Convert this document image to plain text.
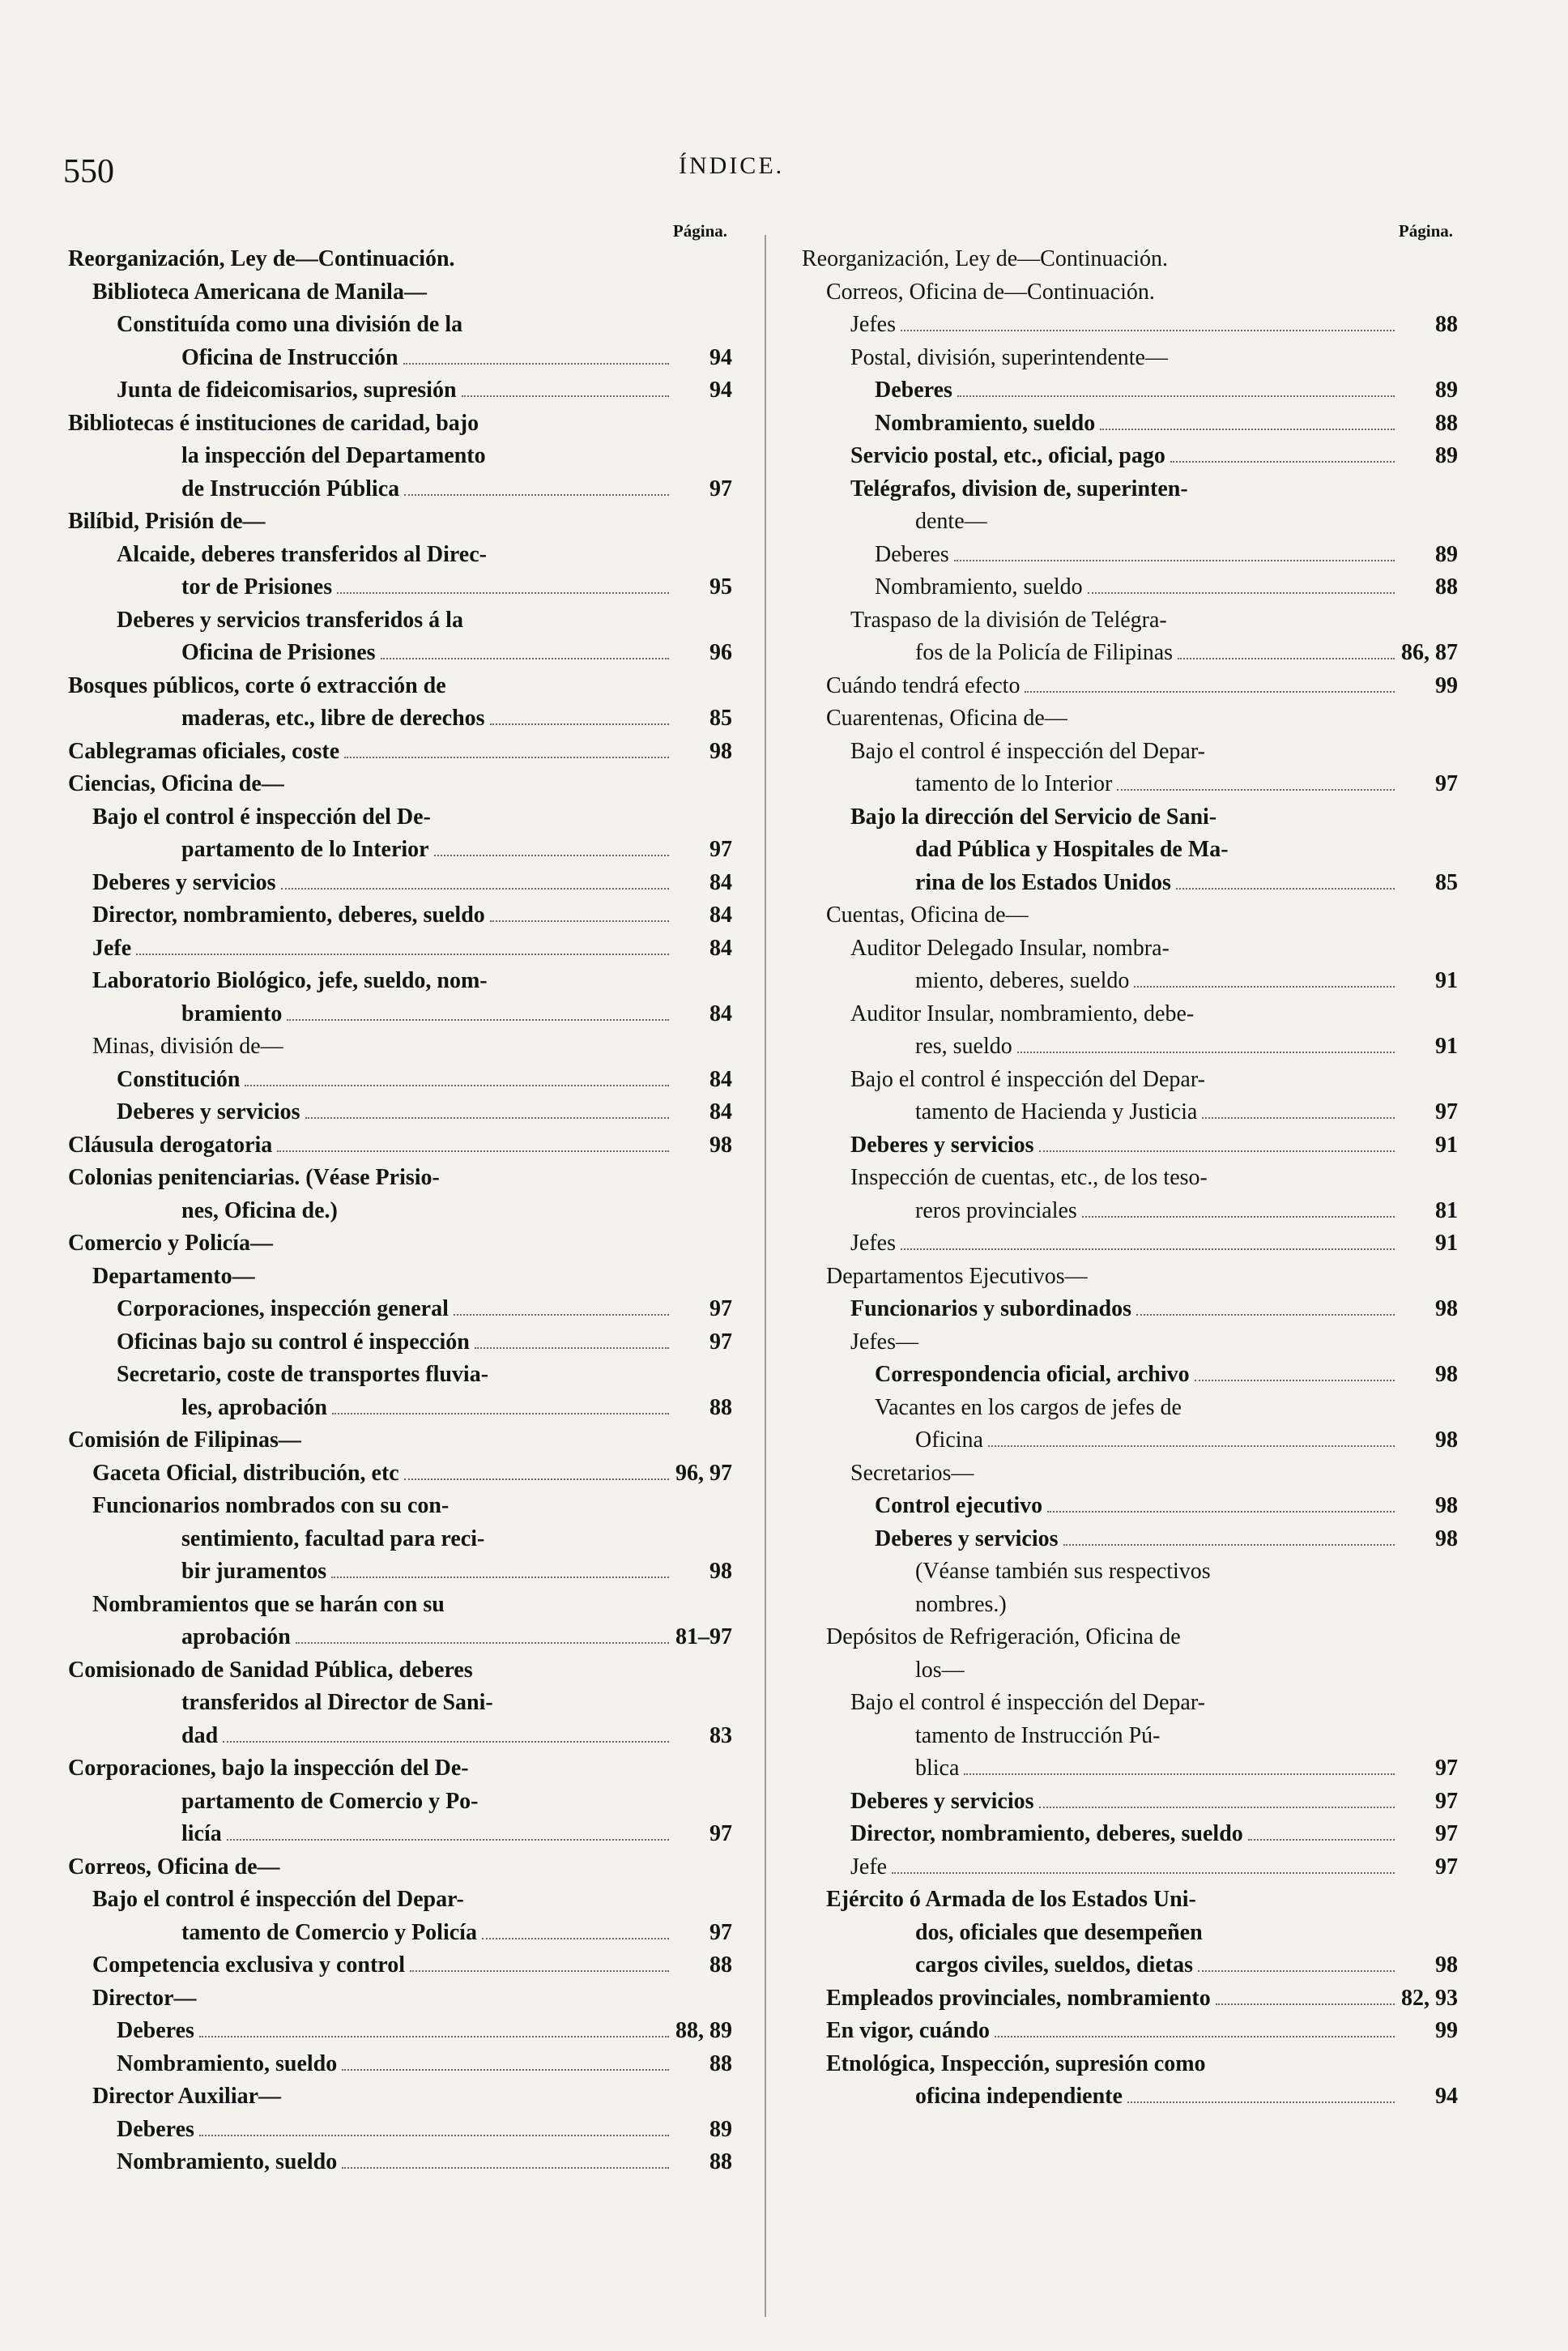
550	ÍNDICE.
Página.
Reorganización, Ley de—Continuación.
Biblioteca Americana de Manila—
Constituída como una división de la
Oficina de Instrucción	94
Junta de fideicomisarios, supresión	94
Bibliotecas é instituciones de caridad, bajo
la inspección del Departamento
de Instrucción Pública	97
Bilíbid, Prisión de—
Alcaide, deberes transferidos al Direc-
tor de Prisiones	95
Deberes y servicios transferidos á la
Oficina de Prisiones	96
Bosques públicos, corte ó extracción de
maderas, etc., libre de derechos	85
Cablegramas oficiales, coste	98
Ciencias, Oficina de—
Bajo el control é inspección del De-
partamento de lo Interior	97
Deberes y servicios	84
Director, nombramiento, deberes, sueldo	84
Jefe	84
Laboratorio Biológico, jefe, sueldo, nom-
bramiento	84
Minas, división de—
Constitución	84
Deberes y servicios	84
Cláusula derogatoria	98
Colonias penitenciarias. (Véase Prisio-
nes, Oficina de.)
Comercio y Policía—
Departamento—
Corporaciones, inspección general	97
Oficinas bajo su control é inspección	97
Secretario, coste de transportes fluvia-
les, aprobación	88
Comisión de Filipinas—
Gaceta Oficial, distribución, etc	96, 97
Funcionarios nombrados con su con-
sentimiento, facultad para reci-
bir juramentos	98
Nombramientos que se harán con su
aprobación	81–97
Comisionado de Sanidad Pública, deberes
transferidos al Director de Sani-
dad	83
Corporaciones, bajo la inspección del De-
partamento de Comercio y Po-
licía	97
Correos, Oficina de—
Bajo el control é inspección del Depar-
tamento de Comercio y Policía	97
Competencia exclusiva y control	88
Director—
Deberes	88, 89
Nombramiento, sueldo	88
Director Auxiliar—
Deberes	89
Nombramiento, sueldo	88
Página.
Reorganización, Ley de—Continuación.
Correos, Oficina de—Continuación.
Jefes	88
Postal, división, superintendente—
Deberes	89
Nombramiento, sueldo	88
Servicio postal, etc., oficial, pago	89
Telégrafos, division de, superinten-
dente—
Deberes	89
Nombramiento, sueldo	88
Traspaso de la división de Telégra-
fos de la Policía de Filipinas	86, 87
Cuándo tendrá efecto	99
Cuarentenas, Oficina de—
Bajo el control é inspección del Depar-
tamento de lo Interior	97
Bajo la dirección del Servicio de Sani-
dad Pública y Hospitales de Ma-
rina de los Estados Unidos	85
Cuentas, Oficina de—
Auditor Delegado Insular, nombra-
miento, deberes, sueldo	91
Auditor Insular, nombramiento, debe-
res, sueldo	91
Bajo el control é inspección del Depar-
tamento de Hacienda y Justicia	97
Deberes y servicios	91
Inspección de cuentas, etc., de los teso-
reros provinciales	81
Jefes	91
Departamentos Ejecutivos—
Funcionarios y subordinados	98
Jefes—
Correspondencia oficial, archivo	98
Vacantes en los cargos de jefes de
Oficina	98
Secretarios—
Control ejecutivo	98
Deberes y servicios	98
(Véanse también sus respectivos
nombres.)
Depósitos de Refrigeración, Oficina de
los—
Bajo el control é inspección del Depar-
tamento de Instrucción Pú-
blica	97
Deberes y servicios	97
Director, nombramiento, deberes, sueldo	97
Jefe	97
Ejército ó Armada de los Estados Uni-
dos, oficiales que desempeñen
cargos civiles, sueldos, dietas	98
Empleados provinciales, nombramiento	82, 93
En vigor, cuándo	99
Etnológica, Inspección, supresión como
oficina independiente	94
